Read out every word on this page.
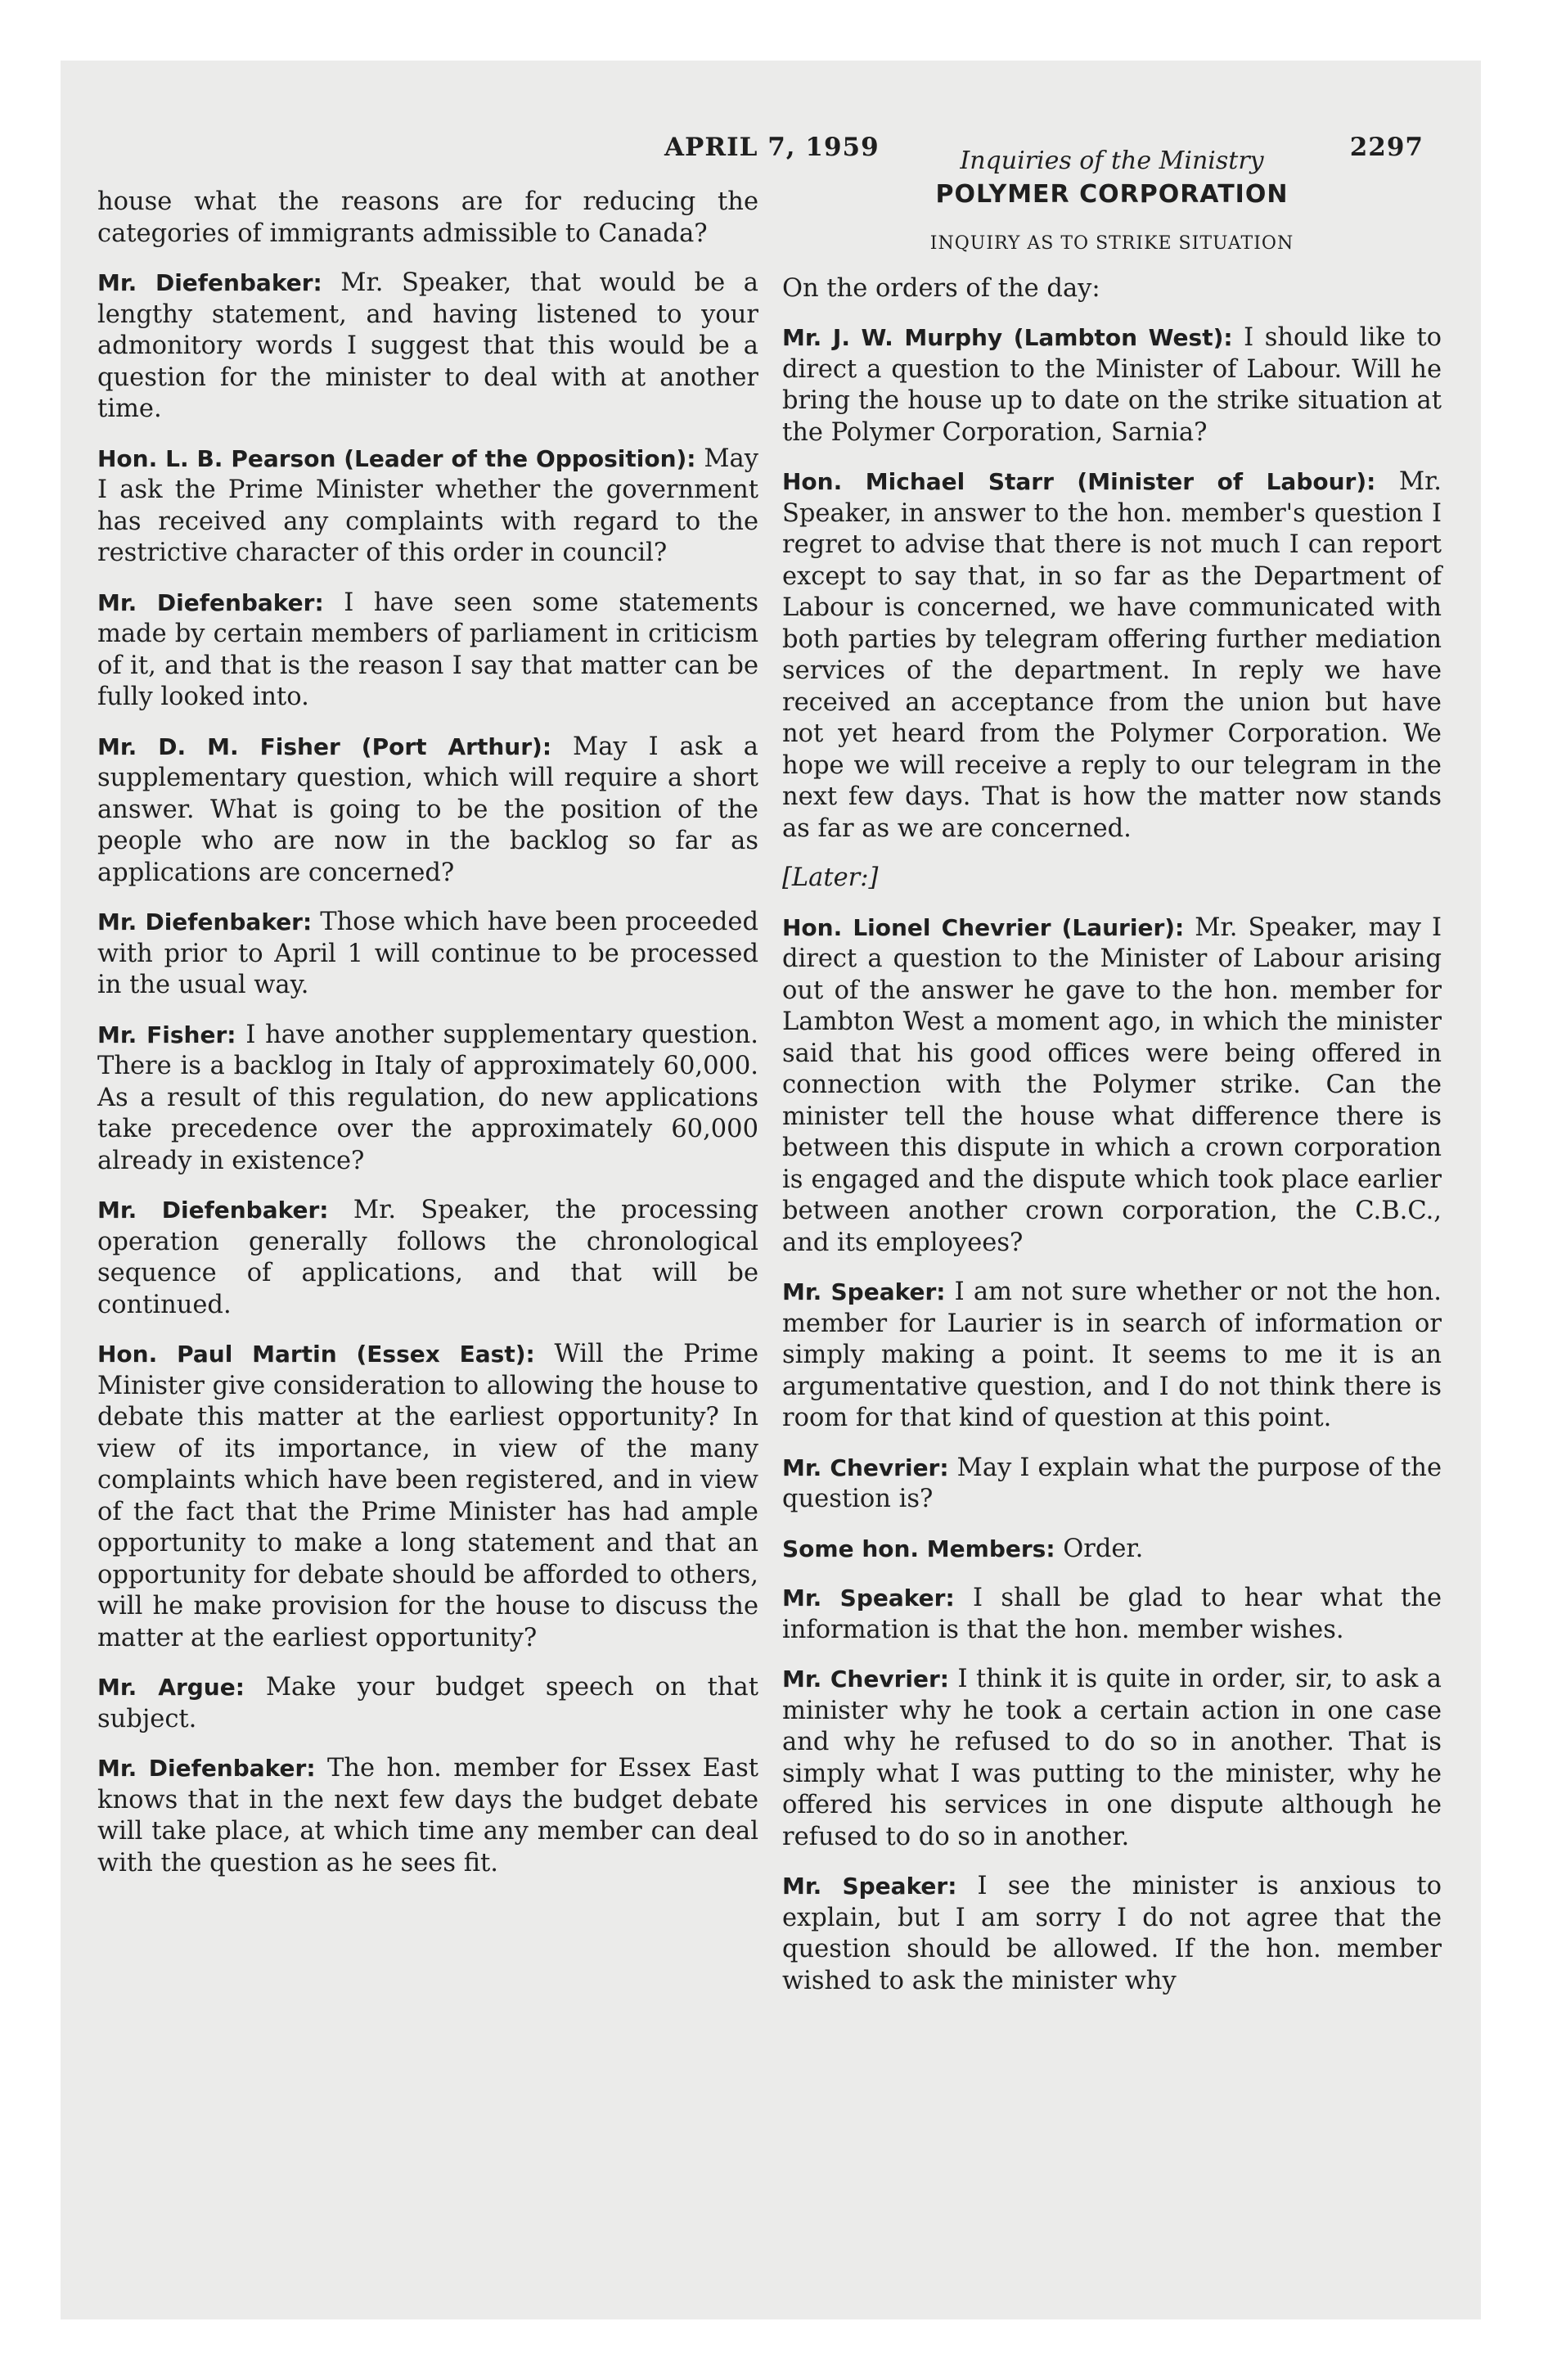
APRIL 7, 1959	2297

house what the reasons are for reducing the categories of immigrants admissible to Canada?

Mr. Diefenbaker: Mr. Speaker, that would be a lengthy statement, and having listened to your admonitory words I suggest that this would be a question for the minister to deal with at another time.

Hon. L. B. Pearson (Leader of the Opposition): May I ask the Prime Minister whether the government has received any complaints with regard to the restrictive character of this order in council?

Mr. Diefenbaker: I have seen some statements made by certain members of parliament in criticism of it, and that is the reason I say that matter can be fully looked into.

Mr. D. M. Fisher (Port Arthur): May I ask a supplementary question, which will require a short answer. What is going to be the position of the people who are now in the backlog so far as applications are concerned?

Mr. Diefenbaker: Those which have been proceeded with prior to April 1 will continue to be processed in the usual way.

Mr. Fisher: I have another supplementary question. There is a backlog in Italy of approximately 60,000. As a result of this regulation, do new applications take precedence over the approximately 60,000 already in existence?

Mr. Diefenbaker: Mr. Speaker, the processing operation generally follows the chronological sequence of applications, and that will be continued.

Hon. Paul Martin (Essex East): Will the Prime Minister give consideration to allowing the house to debate this matter at the earliest opportunity? In view of its importance, in view of the many complaints which have been registered, and in view of the fact that the Prime Minister has had ample opportunity to make a long statement and that an opportunity for debate should be afforded to others, will he make provision for the house to discuss the matter at the earliest opportunity?

Mr. Argue: Make your budget speech on that subject.

Mr. Diefenbaker: The hon. member for Essex East knows that in the next few days the budget debate will take place, at which time any member can deal with the question as he sees fit.

Inquiries of the Ministry
POLYMER CORPORATION
INQUIRY AS TO STRIKE SITUATION

On the orders of the day:

Mr. J. W. Murphy (Lambton West): I should like to direct a question to the Minister of Labour. Will he bring the house up to date on the strike situation at the Polymer Corporation, Sarnia?

Hon. Michael Starr (Minister of Labour): Mr. Speaker, in answer to the hon. member's question I regret to advise that there is not much I can report except to say that, in so far as the Department of Labour is concerned, we have communicated with both parties by telegram offering further mediation services of the department. In reply we have received an acceptance from the union but have not yet heard from the Polymer Corporation. We hope we will receive a reply to our telegram in the next few days. That is how the matter now stands as far as we are concerned.

[Later:]

Hon. Lionel Chevrier (Laurier): Mr. Speaker, may I direct a question to the Minister of Labour arising out of the answer he gave to the hon. member for Lambton West a moment ago, in which the minister said that his good offices were being offered in connection with the Polymer strike. Can the minister tell the house what difference there is between this dispute in which a crown corporation is engaged and the dispute which took place earlier between another crown corporation, the C.B.C., and its employees?

Mr. Speaker: I am not sure whether or not the hon. member for Laurier is in search of information or simply making a point. It seems to me it is an argumentative question, and I do not think there is room for that kind of question at this point.

Mr. Chevrier: May I explain what the purpose of the question is?

Some hon. Members: Order.

Mr. Speaker: I shall be glad to hear what the information is that the hon. member wishes.

Mr. Chevrier: I think it is quite in order, sir, to ask a minister why he took a certain action in one case and why he refused to do so in another. That is simply what I was putting to the minister, why he offered his services in one dispute although he refused to do so in another.

Mr. Speaker: I see the minister is anxious to explain, but I am sorry I do not agree that the question should be allowed. If the hon. member wished to ask the minister why
